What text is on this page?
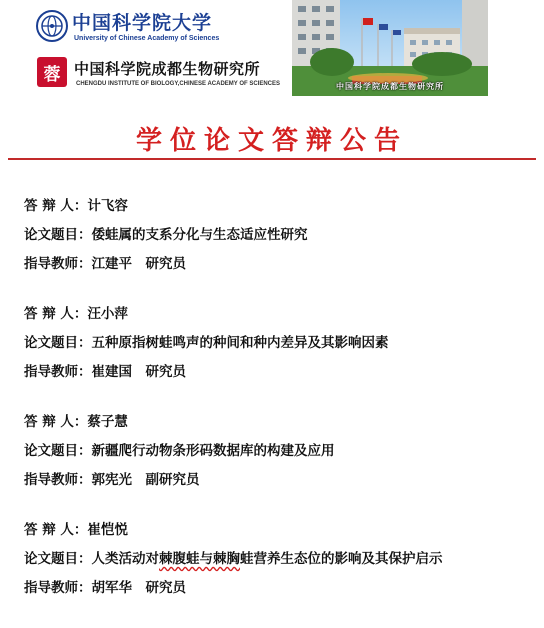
中国科学院大学
University of Chinese Academy of Sciences
蓉 中国科学院成都生物研究所
CHENGDU INSTITUTE OF BIOLOGY,CHINESE ACADEMY OF SCIENCES	中国科学院成都生物研究所
学位论文答辩公告
答 辩 人：计飞容
论文题目：倭蛙属的支系分化与生态适应性研究
指导教师：江建平　研究员
答 辩 人：汪小萍
论文题目：五种原指树蛙鸣声的种间和种内差异及其影响因素
指导教师：崔建国　研究员
答 辩 人：蔡子慧
论文题目：新疆爬行动物条形码数据库的构建及应用
指导教师：郭宪光　副研究员
答 辩 人：崔恺悦
论文题目：人类活动对棘腹蛙与棘胸蛙营养生态位的影响及其保护启示
指导教师：胡军华　研究员
